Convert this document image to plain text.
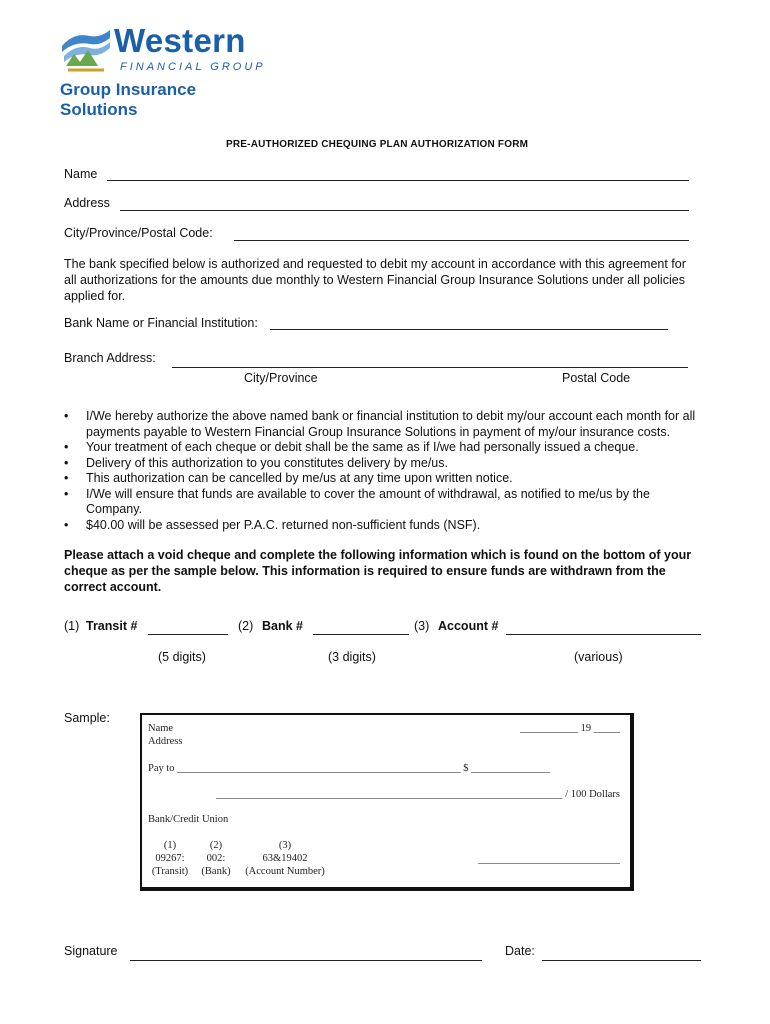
Western
FINANCIAL GROUP
Group Insurance Solutions
PRE-AUTHORIZED CHEQUING PLAN AUTHORIZATION FORM
Name
Address
City/Province/Postal Code:
The bank specified below is authorized and requested to debit my account in accordance with this agreement for all authorizations for the amounts due monthly to Western Financial Group Insurance Solutions under all policies applied for.
Bank Name or Financial Institution:
Branch Address:
City/Province	Postal Code
• I/We hereby authorize the above named bank or financial institution to debit my/our account each month for all payments payable to Western Financial Group Insurance Solutions in payment of my/our insurance costs.
• Your treatment of each cheque or debit shall be the same as if I/we had personally issued a cheque.
• Delivery of this authorization to you constitutes delivery by me/us.
• This authorization can be cancelled by me/us at any time upon written notice.
• I/We will ensure that funds are available to cover the amount of withdrawal, as notified to me/us by the Company.
• $40.00 will be assessed per P.A.C. returned non-sufficient funds (NSF).
Please attach a void cheque and complete the following information which is found on the bottom of your cheque as per the sample below. This information is required to ensure funds are withdrawn from the correct account.
(1) Transit #	(2) Bank #	(3) Account #
(5 digits)	(3 digits)	(various)
Sample:
Name
Address
___________ 19 _____
Pay to ______________________________________________________ $ _______________
__________________________________________________________________ / 100 Dollars
Bank/Credit Union
(1)
09267:
(Transit)
(2)
002:
(Bank)
(3)
63&19402
(Account Number)
___________________________
Signature	Date:
